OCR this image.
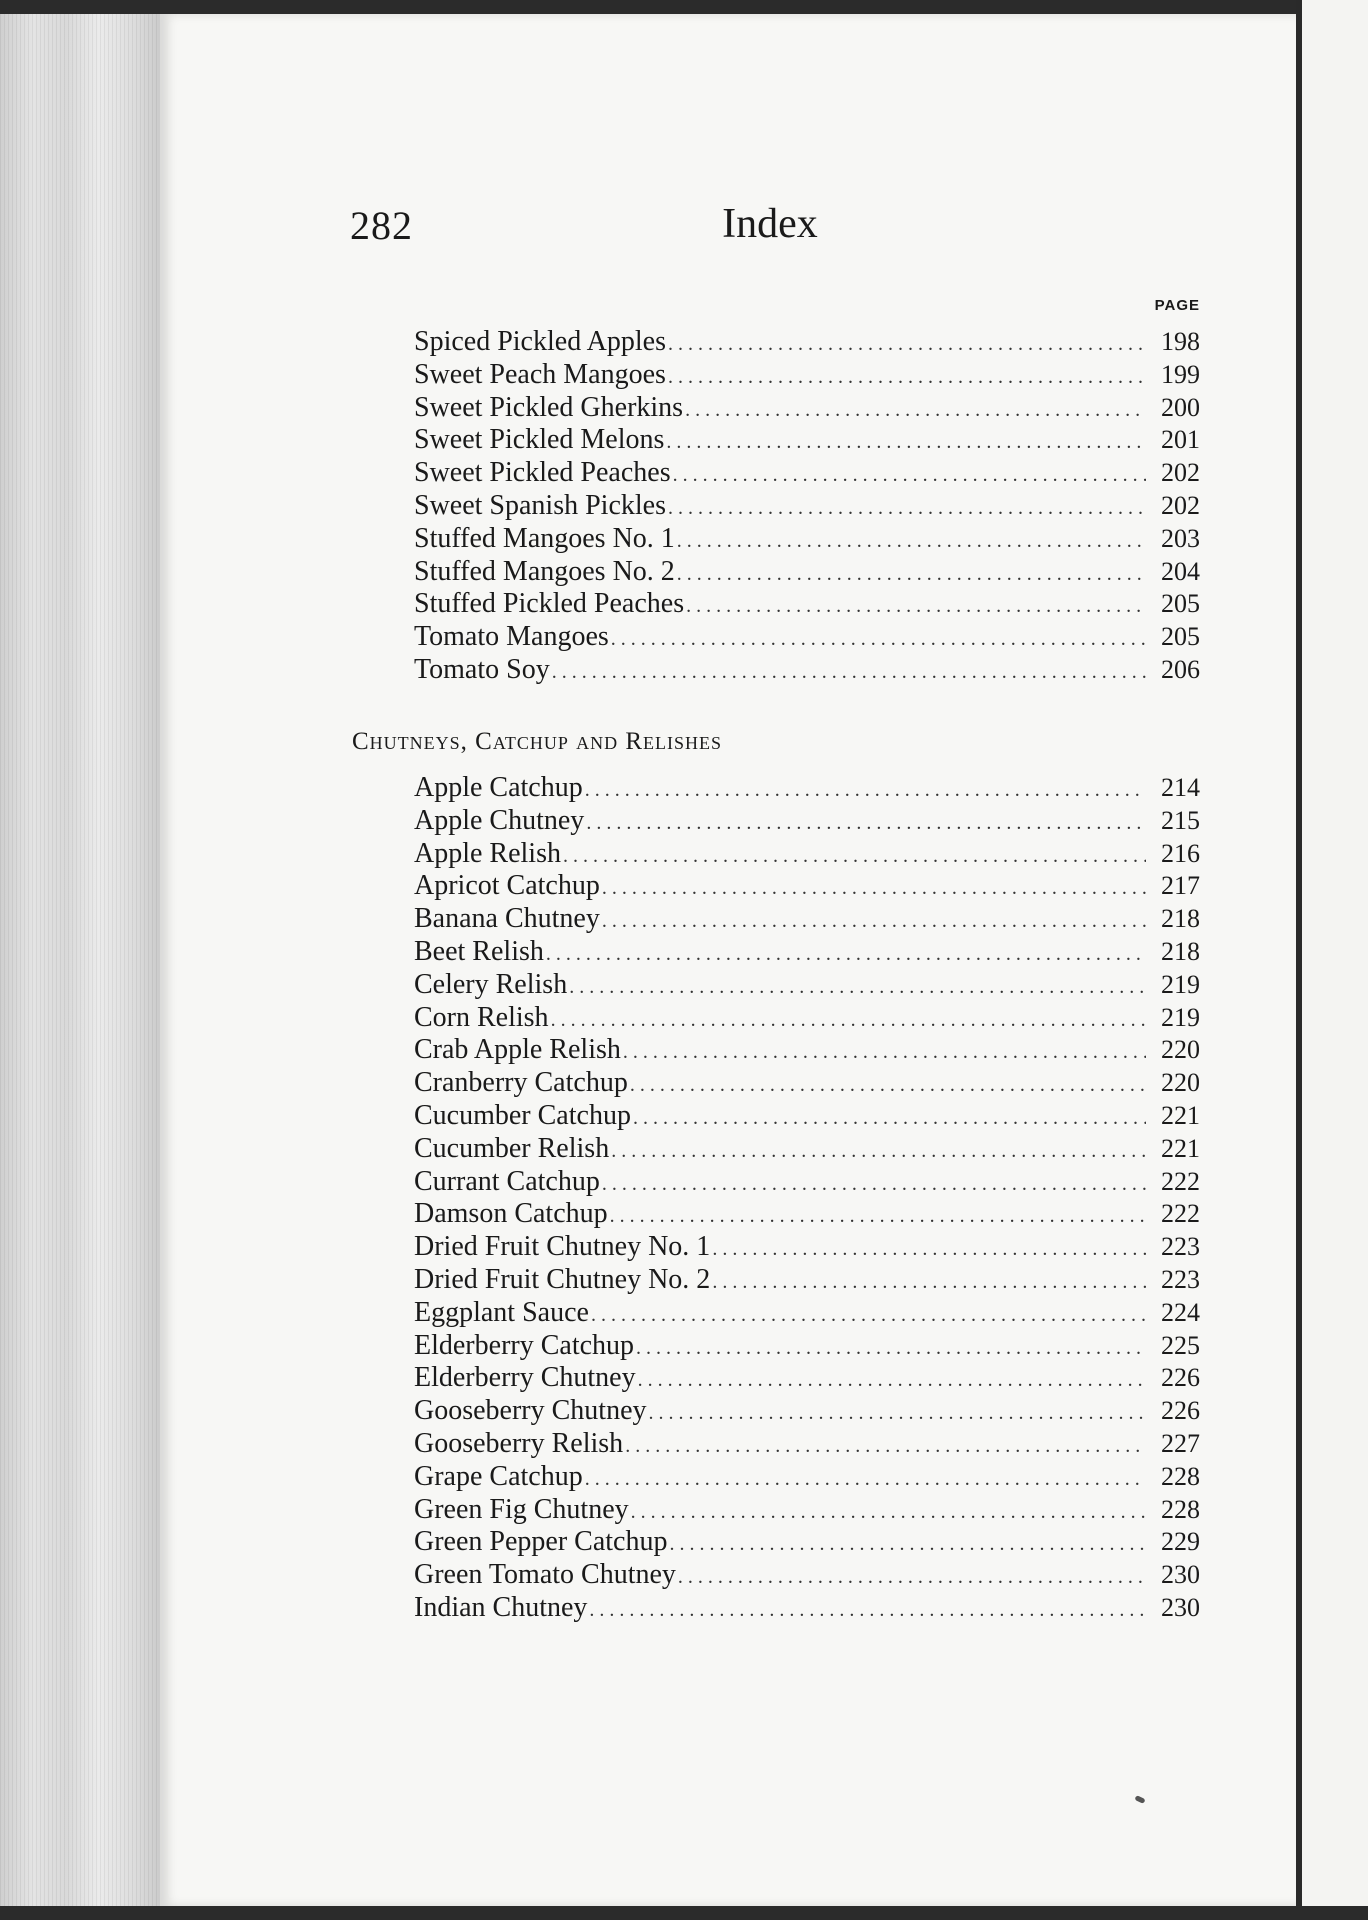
282	Index
PAGE
Spiced Pickled Apples . . .	198
Sweet Peach Mangoes . . .	199
Sweet Pickled Gherkins . . .	200
Sweet Pickled Melons . . .	201
Sweet Pickled Peaches . . .	202
Sweet Spanish Pickles . . .	202
Stuffed Mangoes No. 1 . . .	203
Stuffed Mangoes No. 2 . . .	204
Stuffed Pickled Peaches . . .	205
Tomato Mangoes . . .	205
Tomato Soy . . .	206
Chutneys, Catchup and Relishes
Apple Catchup . . .	214
Apple Chutney . . .	215
Apple Relish . . .	216
Apricot Catchup . . .	217
Banana Chutney . . .	218
Beet Relish . . .	218
Celery Relish . . .	219
Corn Relish . . .	219
Crab Apple Relish . . .	220
Cranberry Catchup . . .	220
Cucumber Catchup . . .	221
Cucumber Relish . . .	221
Currant Catchup . . .	222
Damson Catchup . . .	222
Dried Fruit Chutney No. 1 . . .	223
Dried Fruit Chutney No. 2 . . .	223
Eggplant Sauce . . .	224
Elderberry Catchup . . .	225
Elderberry Chutney . . .	226
Gooseberry Chutney . . .	226
Gooseberry Relish . . .	227
Grape Catchup . . .	228
Green Fig Chutney . . .	228
Green Pepper Catchup . . .	229
Green Tomato Chutney . . .	230
Indian Chutney . . .	230
